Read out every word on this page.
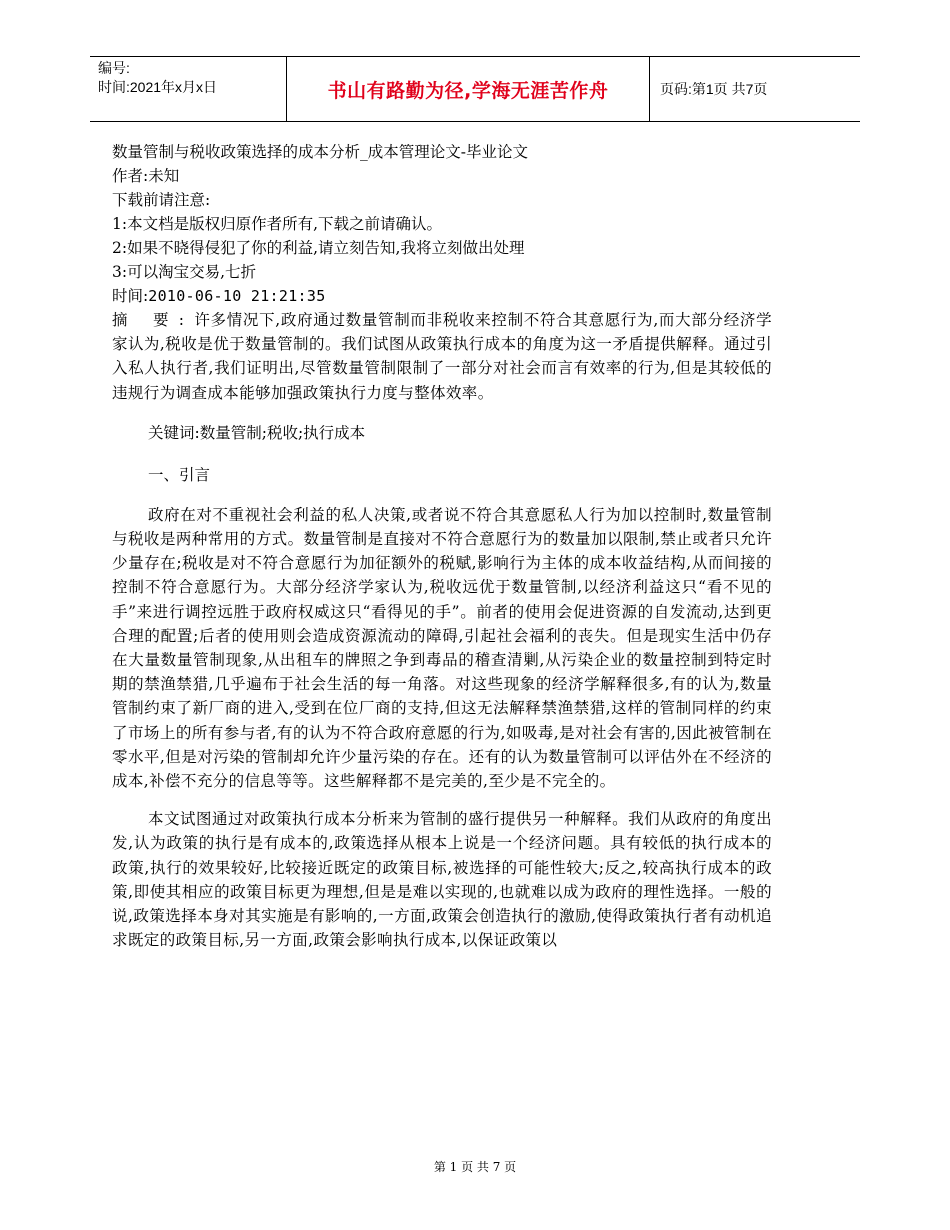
编号:
时间:2021年x月x日	书山有路勤为径,学海无涯苦作舟	页码:第1页 共7页
数量管制与税收政策选择的成本分析_成本管理论文-毕业论文
作者:未知
下载前请注意:
1:本文档是版权归原作者所有,下载之前请确认。
2:如果不晓得侵犯了你的利益,请立刻告知,我将立刻做出处理
3:可以淘宝交易,七折
时间:2010-06-10 21:21:35

摘 要:许多情况下,政府通过数量管制而非税收来控制不符合其意愿行为,而大部分经济学家认为,税收是优于数量管制的。我们试图从政策执行成本的角度为这一矛盾提供解释。通过引入私人执行者,我们证明出,尽管数量管制限制了一部分对社会而言有效率的行为,但是其较低的违规行为调查成本能够加强政策执行力度与整体效率。

关键词:数量管制;税收;执行成本
一、引言

政府在对不重视社会利益的私人决策,或者说不符合其意愿私人行为加以控制时,数量管制与税收是两种常用的方式。数量管制是直接对不符合意愿行为的数量加以限制,禁止或者只允许少量存在;税收是对不符合意愿行为加征额外的税赋,影响行为主体的成本收益结构,从而间接的控制不符合意愿行为。大部分经济学家认为,税收远优于数量管制,以经济利益这只“看不见的手”来进行调控远胜于政府权威这只“看得见的手”。前者的使用会促进资源的自发流动,达到更合理的配置;后者的使用则会造成资源流动的障碍,引起社会福利的丧失。但是现实生活中仍存在大量数量管制现象,从出租车的牌照之争到毒品的稽查清剿,从污染企业的数量控制到特定时期的禁渔禁猎,几乎遍布于社会生活的每一角落。对这些现象的经济学解释很多,有的认为,数量管制约束了新厂商的进入,受到在位厂商的支持,但这无法解释禁渔禁猎,这样的管制同样的约束了市场上的所有参与者,有的认为不符合政府意愿的行为,如吸毒,是对社会有害的,因此被管制在零水平,但是对污染的管制却允许少量污染的存在。还有的认为数量管制可以评估外在不经济的成本,补偿不充分的信息等等。这些解释都不是完美的,至少是不完全的。

本文试图通过对政策执行成本分析来为管制的盛行提供另一种解释。我们从政府的角度出发,认为政策的执行是有成本的,政策选择从根本上说是一个经济问题。具有较低的执行成本的政策,执行的效果较好,比较接近既定的政策目标,被选择的可能性较大;反之,较高执行成本的政策,即使其相应的政策目标更为理想,但是是难以实现的,也就难以成为政府的理性选择。一般的说,政策选择本身对其实施是有影响的,一方面,政策会创造执行的激励,使得政策执行者有动机追求既定的政策目标,另一方面,政策会影响执行成本,以保证政策以

第 1 页 共 7 页
